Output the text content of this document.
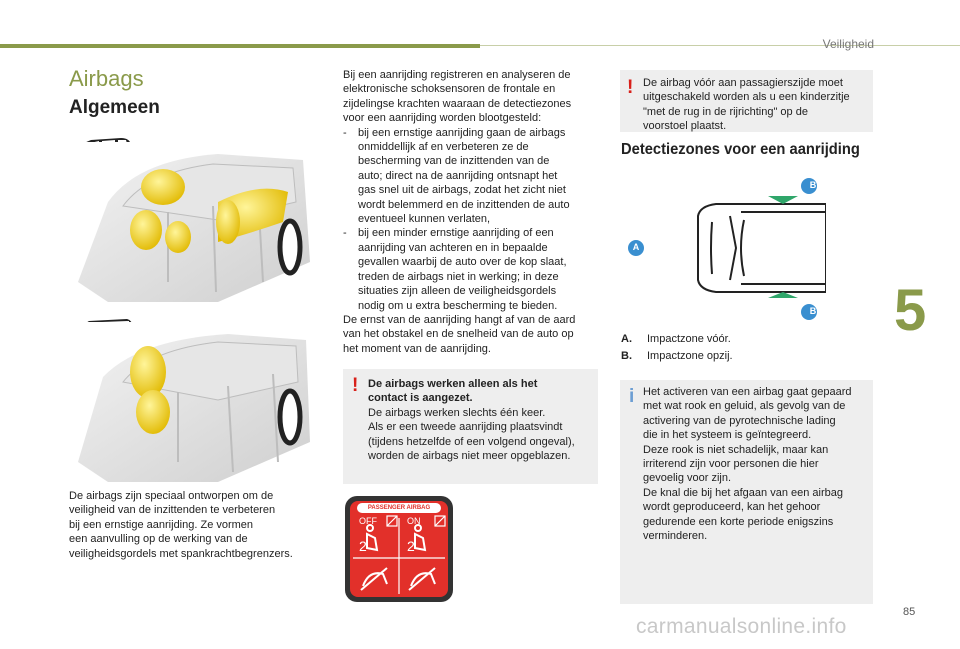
Veiligheid
5
85
carmanualsonline.info
Airbags
Algemeen

De airbags zijn speciaal ontworpen om de

veiligheid van de inzittenden te verbeteren

bij een ernstige aanrijding. Ze vormen

een aanvulling op de werking van de

veiligheidsgordels met spankrachtbegrenzers.

Bij een aanrijding registreren en analyseren de

elektronische schoksensoren de frontale en

zijdelingse krachten waaraan de detectiezones

voor een aanrijding worden blootgesteld:

- bij een ernstige aanrijding gaan de airbags

onmiddellijk af en verbeteren ze de

bescherming van de inzittenden van de

auto; direct na de aanrijding ontsnapt het

gas snel uit de airbags, zodat het zicht niet

wordt belemmerd en de inzittenden de auto

eventueel kunnen verlaten,

- bij een minder ernstige aanrijding of een

aanrijding van achteren en in bepaalde

gevallen waarbij de auto over de kop slaat,

treden de airbags niet in werking; in deze

situaties zijn alleen de veiligheidsgordels

nodig om u extra bescherming te bieden.

De ernst van de aanrijding hangt af van de aard

van het obstakel en de snelheid van de auto op

het moment van de aanrijding.

! De airbags werken alleen als het

contact is aangezet.

De airbags werken slechts één keer.

Als er een tweede aanrijding plaatsvindt

(tijdens hetzelfde of een volgend ongeval),

worden de airbags niet meer opgeblazen.

PASSENGER AIRBAG
OFF	ON
2	2
! De airbag vóór aan passagierszijde moet

uitgeschakeld worden als u een kinderzitje

"met de rug in de rijrichting" op de

voorstoel plaatst.

Detectiezones voor een aanrijding
B
B
A
A. Impactzone vóór.
B. Impactzone opzij.
i Het activeren van een airbag gaat gepaard

met wat rook en geluid, als gevolg van de

activering van de pyrotechnische lading

die in het systeem is geïntegreerd.

Deze rook is niet schadelijk, maar kan

irriterend zijn voor personen die hier

gevoelig voor zijn.

De knal die bij het afgaan van een airbag

wordt geproduceerd, kan het gehoor

gedurende een korte periode enigszins

verminderen.
